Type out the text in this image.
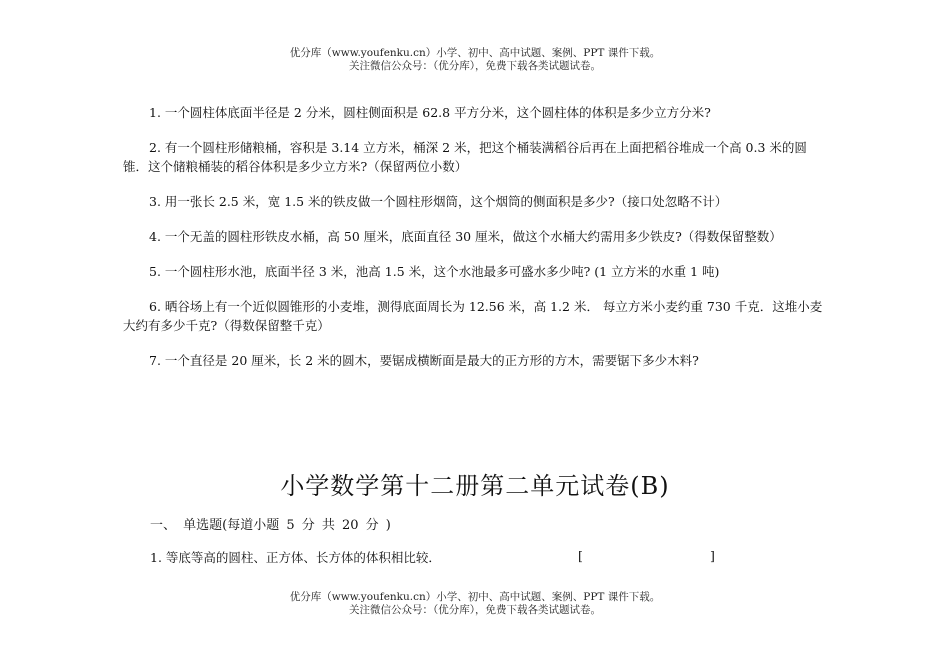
优分库（www.youfenku.cn）小学、初中、高中试题、案例、PPT 课件下载。
关注微信公众号：（优分库），免费下载各类试题试卷。

1. 一个圆柱体底面半径是 2 分米，圆柱侧面积是 62.8 平方分米，这个圆柱体的体积是多少立方分米?

2. 有一个圆柱形储粮桶，容积是 3.14 立方米，桶深 2 米，把这个桶装满稻谷后再在上面把稻谷堆成一个高 0.3 米的圆锥．这个储粮桶装的稻谷体积是多少立方米?（保留两位小数）

3. 用一张长 2.5 米，宽 1.5 米的铁皮做一个圆柱形烟筒，这个烟筒的侧面积是多少?（接口处忽略不计）

4. 一个无盖的圆柱形铁皮水桶，高 50 厘米，底面直径 30 厘米，做这个水桶大约需用多少铁皮?（得数保留整数）

5. 一个圆柱形水池，底面半径 3 米，池高 1.5 米，这个水池最多可盛水多少吨? (1 立方米的水重 1 吨)

6. 晒谷场上有一个近似圆锥形的小麦堆，测得底面周长为 12.56 米，高 1.2 米． 每立方米小麦约重 730 千克．这堆小麦大约有多少千克?（得数保留整千克）

7. 一个直径是 20 厘米，长 2 米的圆木，要锯成横断面是最大的正方形的方木，需要锯下多少木料?

小学数学第十二册第二单元试卷(B)
一、 单选题(每道小题 5 分 共 20 分 )
1. 等底等高的圆柱、正方体、长方体的体积相比较．	[	]
优分库（www.youfenku.cn）小学、初中、高中试题、案例、PPT 课件下载。
关注微信公众号：（优分库），免费下载各类试题试卷。
